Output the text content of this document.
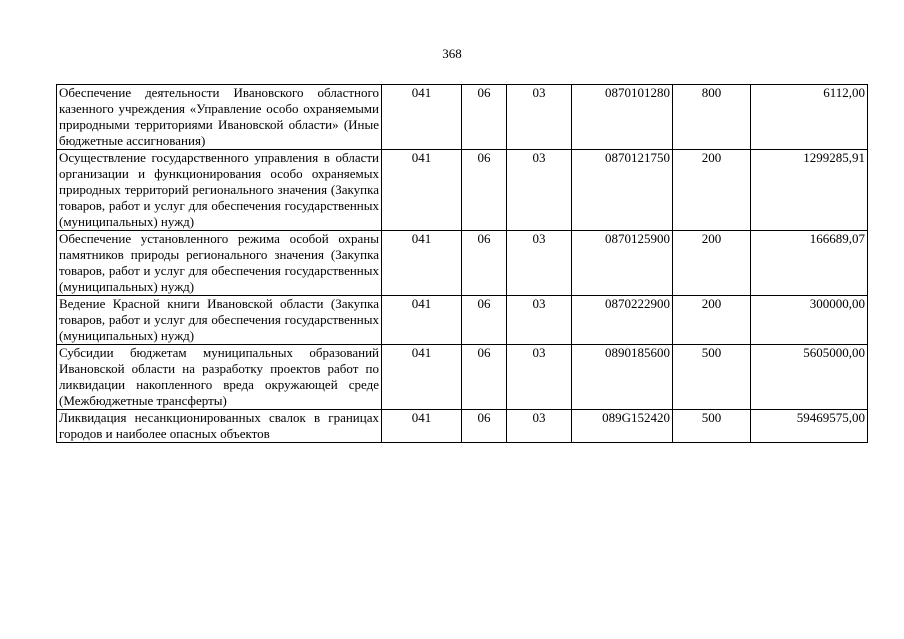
368
Обеспечение деятельности Ивановского областного казенного учреждения «Управление особо охраняемыми природными территориями Ивановской области» (Иные бюджетные ассигнования)	041	06	03	0870101280	800	6112,00
Осуществление государственного управления в области организации и функционирования особо охраняемых природных территорий регионального значения (Закупка товаров, работ и услуг для обеспечения государственных (муниципальных) нужд)	041	06	03	0870121750	200	1299285,91
Обеспечение установленного режима особой охраны памятников природы регионального значения (Закупка товаров, работ и услуг для обеспечения государственных (муниципальных) нужд)	041	06	03	0870125900	200	166689,07
Ведение Красной книги Ивановской области (Закупка товаров, работ и услуг для обеспечения государственных (муниципальных) нужд)	041	06	03	0870222900	200	300000,00
Субсидии бюджетам муниципальных образований Ивановской области на разработку проектов работ по ликвидации накопленного вреда окружающей среде (Межбюджетные трансферты)	041	06	03	0890185600	500	5605000,00

Ликвидация несанкционированных свалок в границах городов и наиболее опасных объектов	041	06	03	089G152420	500	59469575,00
